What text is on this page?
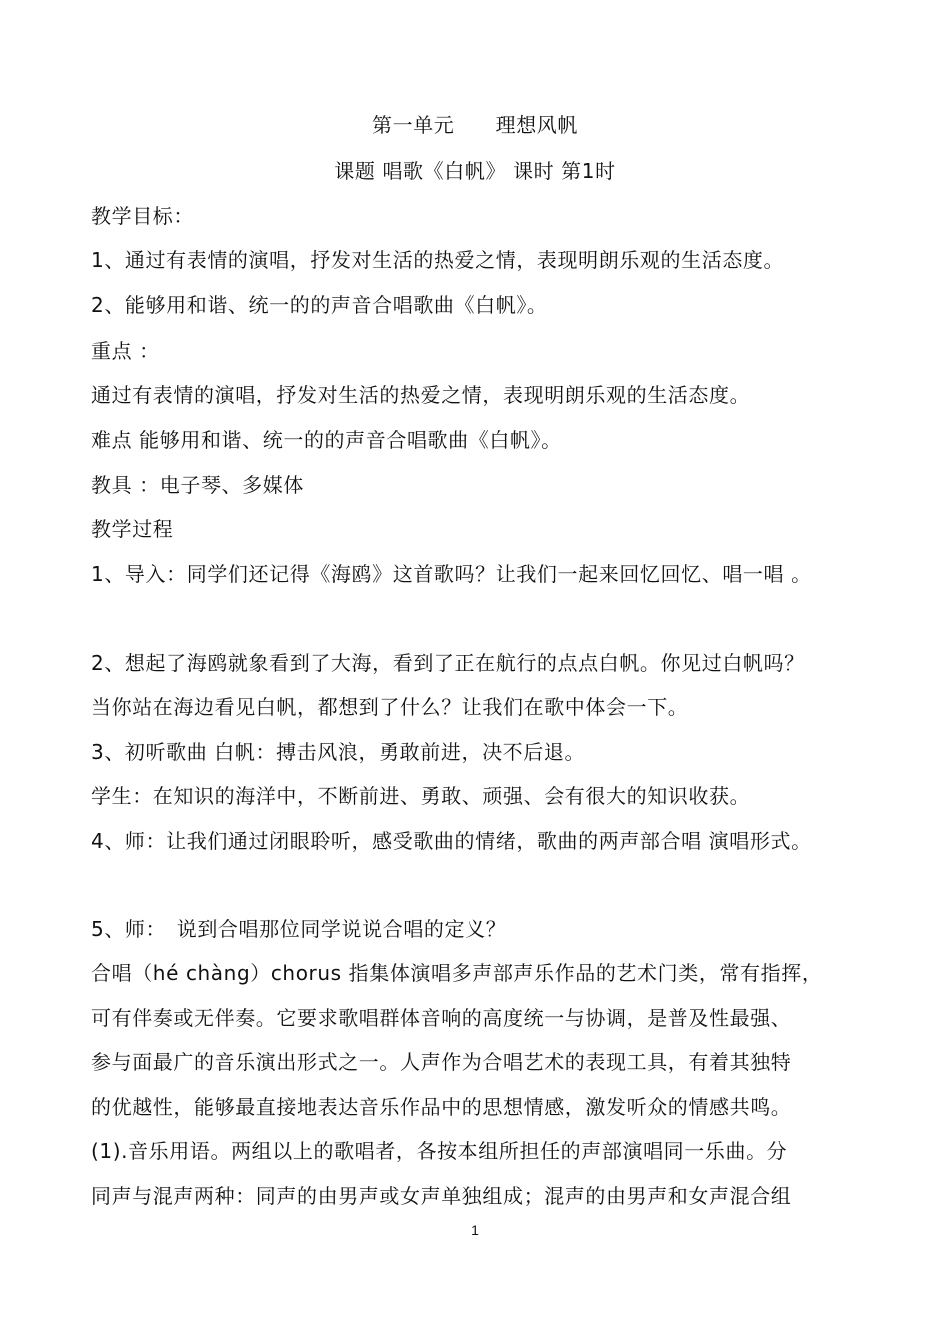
第一单元　　理想风帆
课题 唱歌《白帆》 课时 第1时
教学目标：
1、通过有表情的演唱，抒发对生活的热爱之情，表现明朗乐观的生活态度。
2、能够用和谐、统一的的声音合唱歌曲《白帆》。
重点 ：
通过有表情的演唱，抒发对生活的热爱之情，表现明朗乐观的生活态度。
难点 能够用和谐、统一的的声音合唱歌曲《白帆》。
教具 ：电子琴、多媒体
教学过程
1、导入：同学们还记得《海鸥》这首歌吗？让我们一起来回忆回忆、唱一唱 。
2、想起了海鸥就象看到了大海，看到了正在航行的点点白帆。你见过白帆吗？
当你站在海边看见白帆，都想到了什么？让我们在歌中体会一下。
3、初听歌曲 白帆：搏击风浪，勇敢前进，决不后退。
学生：在知识的海洋中，不断前进、勇敢、顽强、会有很大的知识收获。
4、师：让我们通过闭眼聆听，感受歌曲的情绪，歌曲的两声部合唱 演唱形式。
5、师：　说到合唱那位同学说说合唱的定义？
合唱（hé chàng）chorus 指集体演唱多声部声乐作品的艺术门类，常有指挥，
可有伴奏或无伴奏。它要求歌唱群体音响的高度统一与协调，是普及性最强、
参与面最广的音乐演出形式之一。人声作为合唱艺术的表现工具，有着其独特
的优越性，能够最直接地表达音乐作品中的思想情感，激发听众的情感共鸣。
(1).音乐用语。两组以上的歌唱者，各按本组所担任的声部演唱同一乐曲。分
同声与混声两种：同声的由男声或女声单独组成；混声的由男声和女声混合组
1
